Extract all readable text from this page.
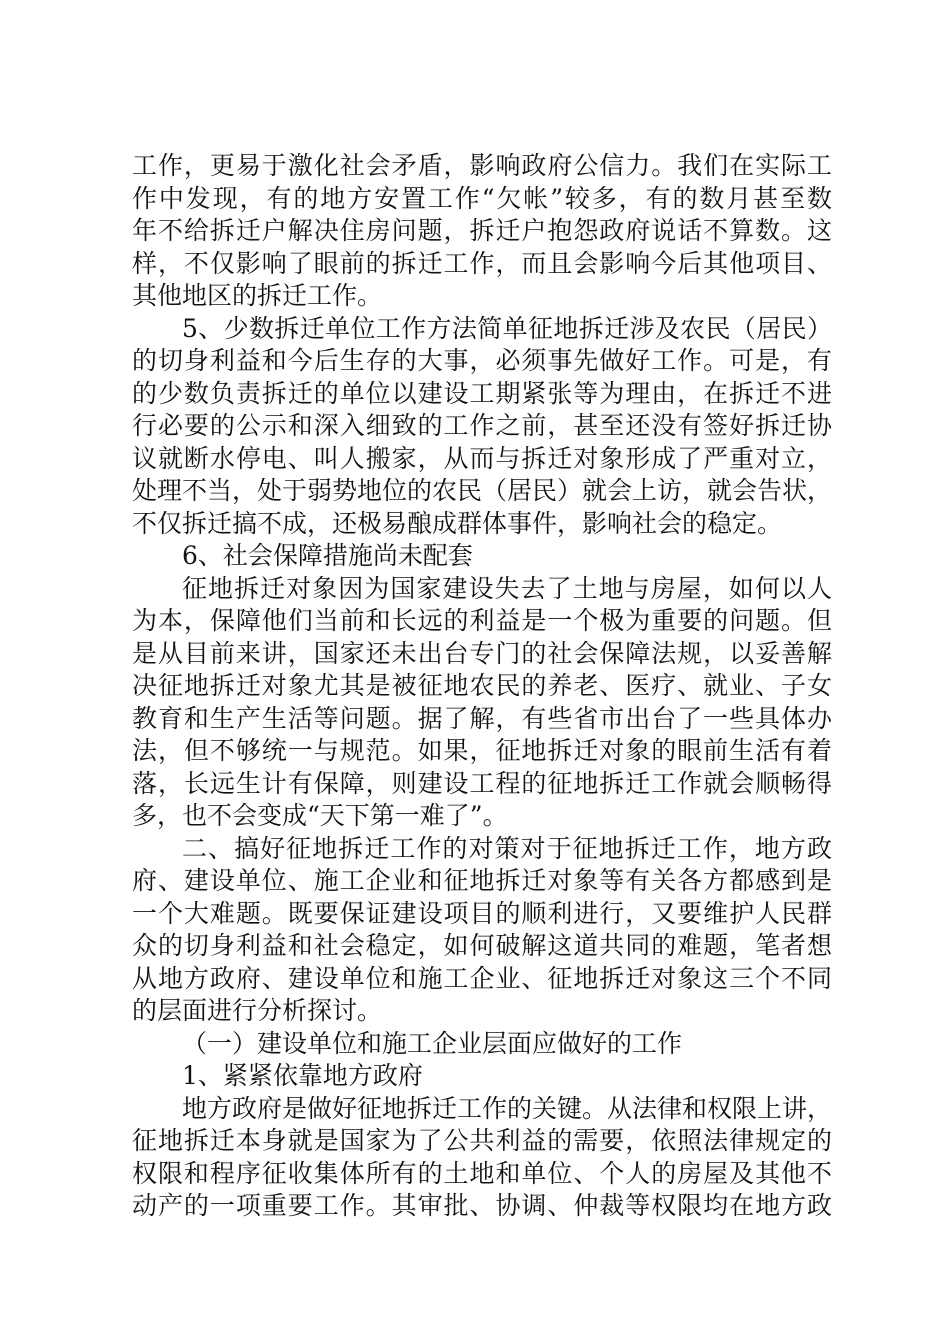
工作，更易于激化社会矛盾，影响政府公信力。我们在实际工
作中发现，有的地方安置工作“欠帐”较多，有的数月甚至数
年不给拆迁户解决住房问题，拆迁户抱怨政府说话不算数。这
样，不仅影响了眼前的拆迁工作，而且会影响今后其他项目、
其他地区的拆迁工作。
5、少数拆迁单位工作方法简单征地拆迁涉及农民（居民）
的切身利益和今后生存的大事，必须事先做好工作。可是，有
的少数负责拆迁的单位以建设工期紧张等为理由，在拆迁不进
行必要的公示和深入细致的工作之前，甚至还没有签好拆迁协
议就断水停电、叫人搬家，从而与拆迁对象形成了严重对立，
处理不当，处于弱势地位的农民（居民）就会上访，就会告状，
不仅拆迁搞不成，还极易酿成群体事件，影响社会的稳定。
6、社会保障措施尚未配套
征地拆迁对象因为国家建设失去了土地与房屋，如何以人
为本，保障他们当前和长远的利益是一个极为重要的问题。但
是从目前来讲，国家还未出台专门的社会保障法规，以妥善解
决征地拆迁对象尤其是被征地农民的养老、医疗、就业、子女
教育和生产生活等问题。据了解，有些省市出台了一些具体办
法，但不够统一与规范。如果，征地拆迁对象的眼前生活有着
落，长远生计有保障，则建设工程的征地拆迁工作就会顺畅得
多，也不会变成“天下第一难了”。
二、搞好征地拆迁工作的对策对于征地拆迁工作，地方政
府、建设单位、施工企业和征地拆迁对象等有关各方都感到是
一个大难题。既要保证建设项目的顺利进行，又要维护人民群
众的切身利益和社会稳定，如何破解这道共同的难题，笔者想
从地方政府、建设单位和施工企业、征地拆迁对象这三个不同
的层面进行分析探讨。
（一）建设单位和施工企业层面应做好的工作
1、紧紧依靠地方政府
地方政府是做好征地拆迁工作的关键。从法律和权限上讲，
征地拆迁本身就是国家为了公共利益的需要，依照法律规定的
权限和程序征收集体所有的土地和单位、个人的房屋及其他不
动产的一项重要工作。其审批、协调、仲裁等权限均在地方政
